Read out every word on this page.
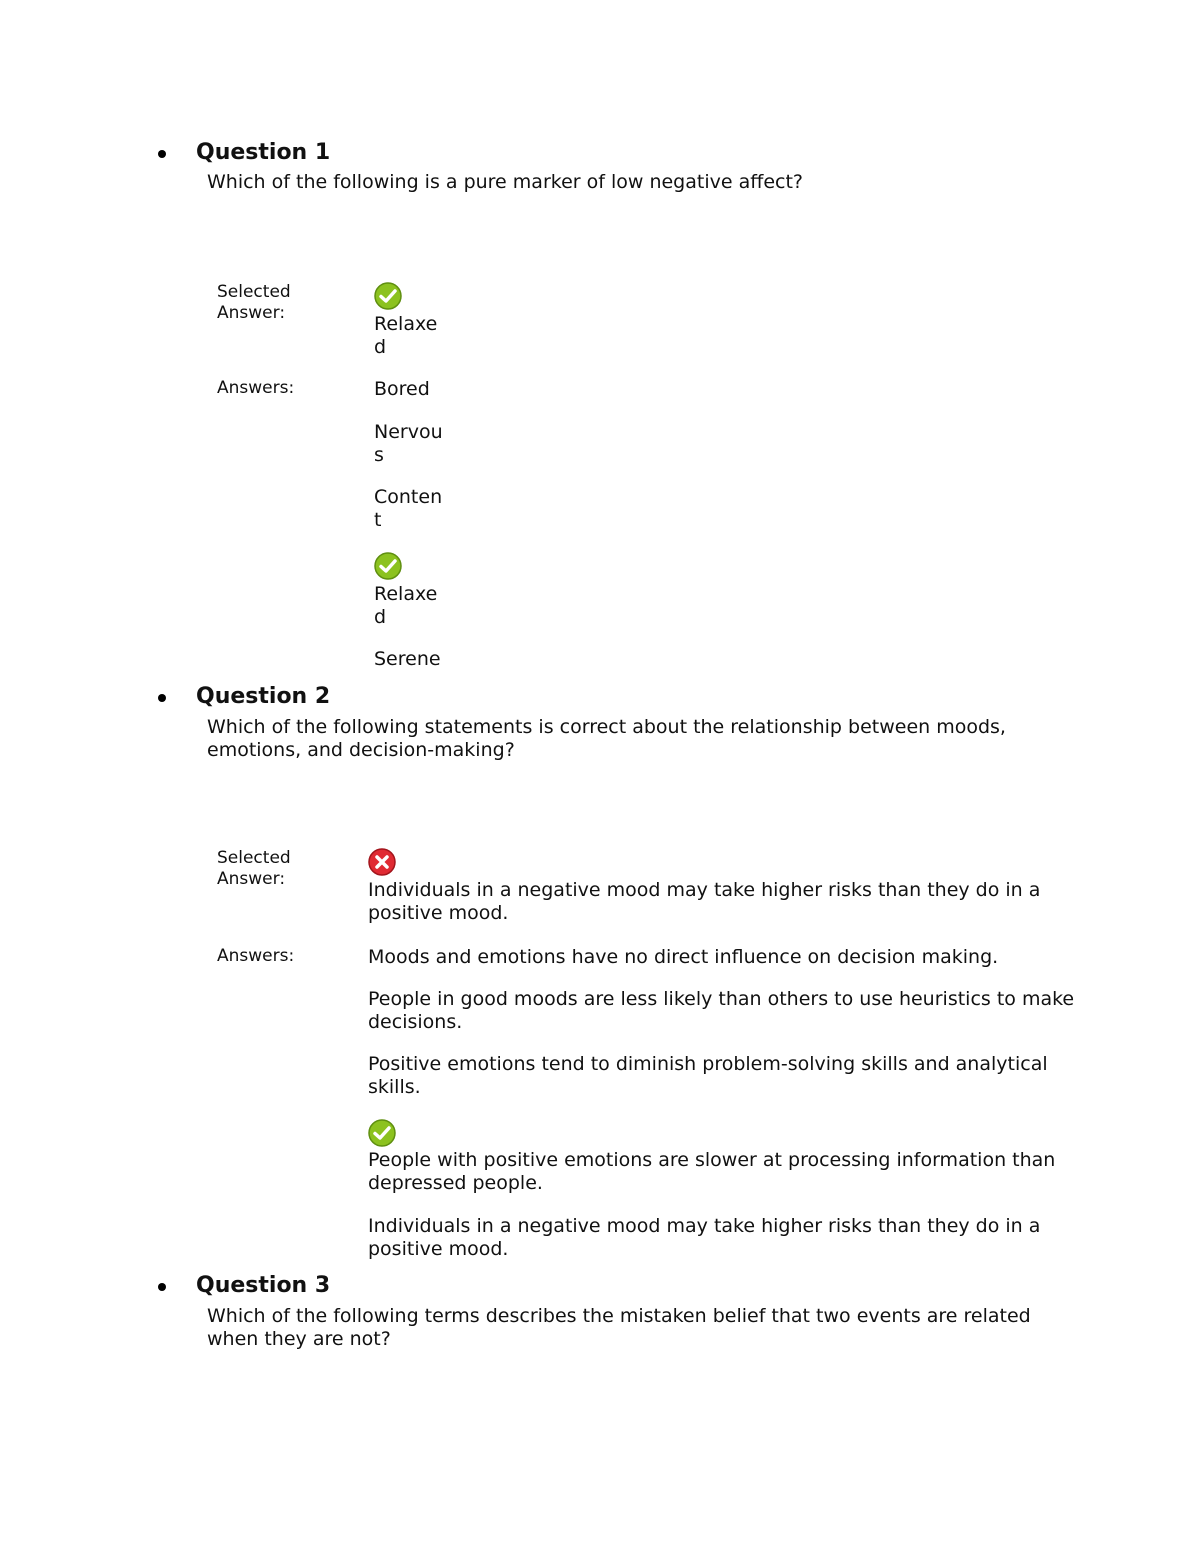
Question 1
Which of the following is a pure marker of low negative affect?
Selected Answer:	Relaxed
Answers:	Bored
Nervous
Content
Relaxed
Serene
Question 2
Which of the following statements is correct about the relationship between moods, emotions, and decision-making?
Selected Answer:	Individuals in a negative mood may take higher risks than they do in a positive mood.
Answers:	Moods and emotions have no direct influence on decision making.
People in good moods are less likely than others to use heuristics to make decisions.
Positive emotions tend to diminish problem-solving skills and analytical skills.
People with positive emotions are slower at processing information than depressed people.
Individuals in a negative mood may take higher risks than they do in a positive mood.
Question 3
Which of the following terms describes the mistaken belief that two events are related when they are not?
